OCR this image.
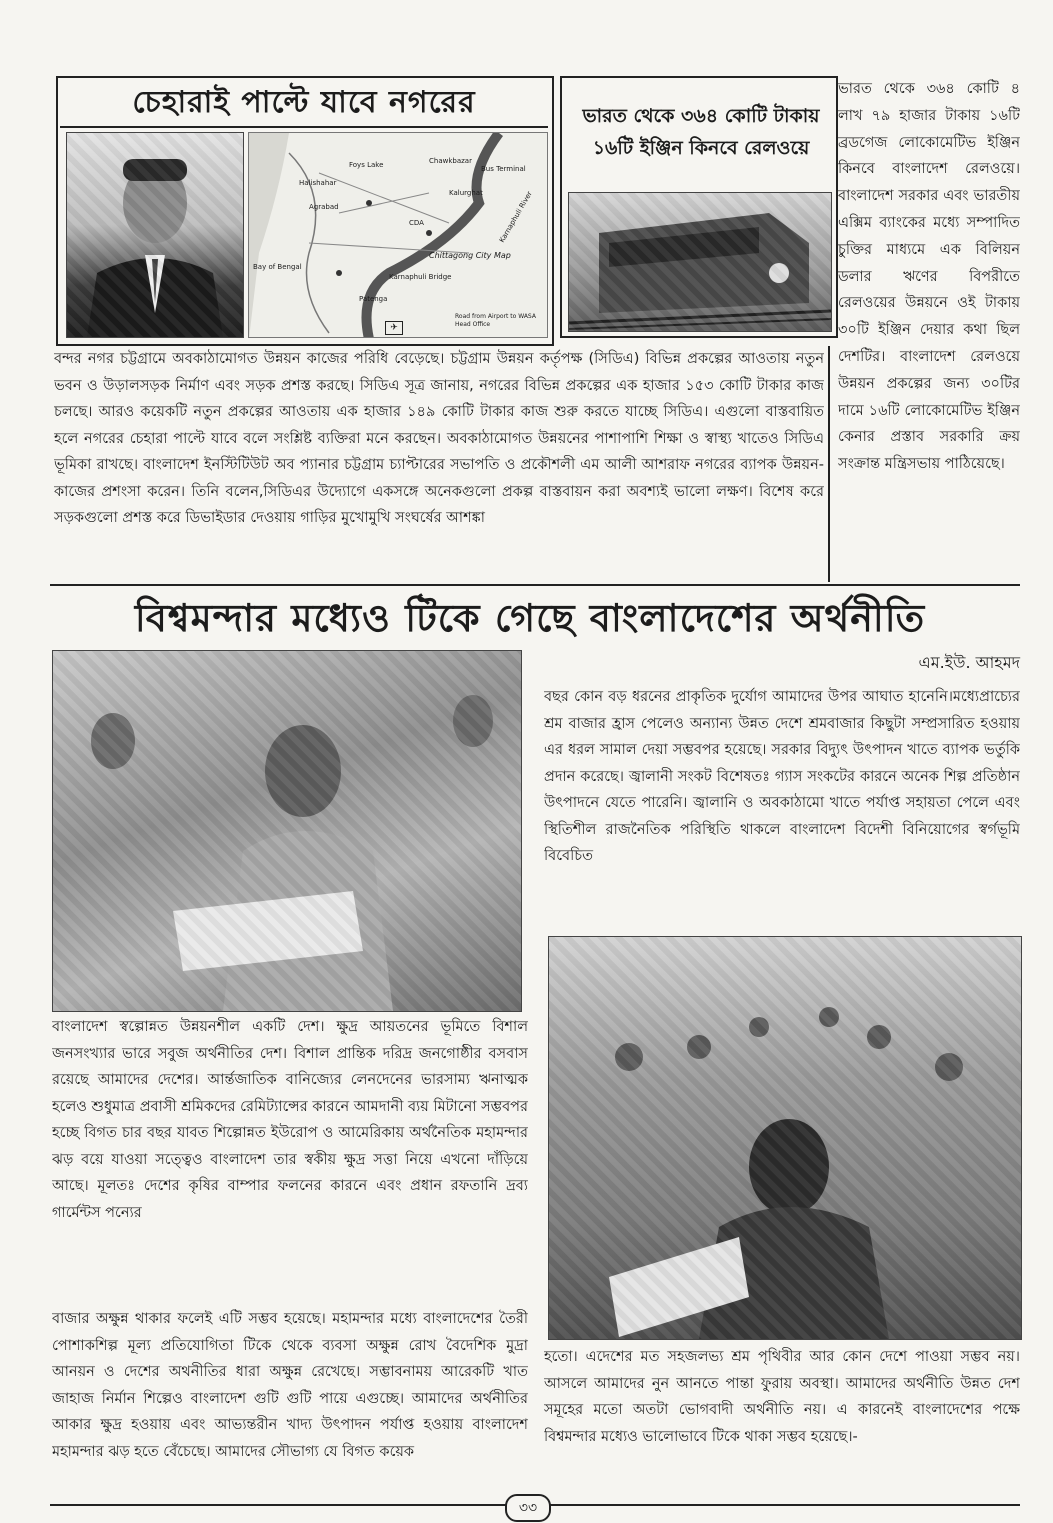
চেহারাই পাল্টে যাবে নগরের
Foys Lake
Halishahar
Agrabad
Chawkbazar
Bus Terminal
CDA
Kalurghat Karnaphuli River
Chittagong City Map
Bay of Bengal
Patenga
Karnaphuli Bridge
Road from Airport to WASA Head Office
✈
বন্দর নগর চট্টগ্রামে অবকাঠামোগত উন্নয়ন কাজের পরিধি বেড়েছে। চট্টগ্রাম উন্নয়ন কর্তৃপক্ষ (সিডিএ) বিভিন্ন প্রকল্পের আওতায় নতুন ভবন ও উড়ালসড়ক নির্মাণ এবং সড়ক প্রশস্ত করছে। সিডিএ সূত্র জানায়, নগরের বিভিন্ন প্রকল্পের এক হাজার ১৫৩ কোটি টাকার কাজ চলছে। আরও কয়েকটি নতুন প্রকল্পের আওতায় এক হাজার ১৪৯ কোটি টাকার কাজ শুরু করতে যাচ্ছে সিডিএ। এগুলো বাস্তবায়িত হলে নগরের চেহারা পাল্টে যাবে বলে সংশ্লিষ্ট ব্যক্তিরা মনে করছেন। অবকাঠামোগত উন্নয়নের পাশাপাশি শিক্ষা ও স্বাস্থ্য খাতেও সিডিএ ভূমিকা রাখছে। বাংলাদেশ ইনস্টিটিউট অব প্যানার চট্টগ্রাম চ্যাপ্টারের সভাপতি ও প্রকৌশলী এম আলী আশরাফ নগরের ব্যাপক উন্নয়ন-কাজের প্রশংসা করেন। তিনি বলেন,সিডিএর উদ্যোগে একসঙ্গে অনেকগুলো প্রকল্প বাস্তবায়ন করা অবশ্যই ভালো লক্ষণ। বিশেষ করে সড়কগুলো প্রশস্ত করে ডিভাইডার দেওয়ায় গাড়ির মুখোমুখি সংঘর্ষের আশঙ্কা
ভারত থেকে ৩৬৪ কোটি টাকায় ১৬টি ইঞ্জিন কিনবে রেলওয়ে
ভারত থেকে ৩৬৪ কোটি ৪ লাখ ৭৯ হাজার টাকায় ১৬টি ব্রডগেজ লোকোমেটিভ ইঞ্জিন কিনবে বাংলাদেশ রেলওয়ে। বাংলাদেশ সরকার এবং ভারতীয় এক্সিম ব্যাংকের মধ্যে সম্পাদিত চুক্তির মাধ্যমে এক বিলিয়ন ডলার ঋণের বিপরীতে রেলওয়ের উন্নয়নে ওই টাকায় ৩০টি ইঞ্জিন দেয়ার কথা ছিল দেশটির। বাংলাদেশ রেলওয়ে উন্নয়ন প্রকল্পের জন্য ৩০টির দামে ১৬টি লোকোমেটিভ ইঞ্জিন কেনার প্রস্তাব সরকারি ক্রয় সংক্রান্ত মন্ত্রিসভায় পাঠিয়েছে।
বিশ্বমন্দার মধ্যেও টিকে গেছে বাংলাদেশের অর্থনীতি
এম.ইউ. আহমদ
বাংলাদেশ স্বল্পোন্নত উন্নয়নশীল একটি দেশ। ক্ষুদ্র আয়তনের ভূমিতে বিশাল জনসংখ্যার ভারে সবুজ অর্থনীতির দেশ। বিশাল প্রান্তিক দরিদ্র জনগোষ্ঠীর বসবাস রয়েছে আমাদের দেশের। আর্ন্তজাতিক বানিজ্যের লেনদেনের ভারসাম্য ঋনাত্মক হলেও শুধুমাত্র প্রবাসী শ্রমিকদের রেমিট্যান্সের কারনে আমদানী ব্যয় মিটানো সম্ভবপর হচ্ছে বিগত চার বছর যাবত শিল্পোন্নত ইউরোপ ও আমেরিকায় অর্থনৈতিক মহামন্দার ঝড় বয়ে যাওয়া সত্ত্বেও বাংলাদেশ তার স্বকীয় ক্ষুদ্র সত্তা নিয়ে এখনো দাঁড়িয়ে আছে। মূলতঃ দেশের কৃষির বাম্পার ফলনের কারনে এবং প্রধান রফতানি দ্রব্য গার্মেন্টস পন্যের
বাজার অক্ষুন্ন থাকার ফলেই এটি সম্ভব হয়েছে। মহামন্দার মধ্যে বাংলাদেশের তৈরী পোশাকশিল্প মূল্য প্রতিযোগিতা টিকে থেকে ব্যবসা অক্ষুন্ন রোখ বৈদেশিক মুদ্রা আনয়ন ও দেশের অথনীতির ধারা অক্ষুন্ন রেখেছে। সম্ভাবনাময় আরেকটি খাত জাহাজ নির্মান শিল্পেও বাংলাদেশ গুটি গুটি পায়ে এগুচ্ছে। আমাদের অর্থনীতির আকার ক্ষুদ্র হওয়ায় এবং আভ্যন্তরীন খাদ্য উৎপাদন পর্যাপ্ত হওয়ায় বাংলাদেশ মহামন্দার ঝড় হতে বেঁচেছে। আমাদের সৌভাগ্য যে বিগত কয়েক
বছর কোন বড় ধরনের প্রাকৃতিক দুর্যোগ আমাদের উপর আঘাত হানেনি।মধ্যেপ্রাচ্যের শ্রম বাজার হ্রাস পেলেও অন্যান্য উন্নত দেশে শ্রমবাজার কিছুটা সম্প্রসারিত হওয়ায় এর ধরল সামাল দেয়া সম্ভবপর হয়েছে। সরকার বিদ্যুৎ উৎপাদন খাতে ব্যাপক ভর্তুকি প্রদান করেছে। জ্বালানী সংকট বিশেষতঃ গ্যাস সংকটের কারনে অনেক শিল্প প্রতিষ্ঠান উৎপাদনে যেতে পারেনি। জ্বালানি ও অবকাঠামো খাতে পর্যাপ্ত সহায়তা পেলে এবং স্থিতিশীল রাজনৈতিক পরিস্থিতি থাকলে বাংলাদেশ বিদেশী বিনিয়োগের স্বর্গভূমি বিবেচিত
হতো। এদেশের মত সহজলভ্য শ্রম পৃথিবীর আর কোন দেশে পাওয়া সম্ভব নয়। আসলে আমাদের নুন আনতে পান্তা ফুরায় অবস্থা। আমাদের অর্থনীতি উন্নত দেশ সমূহের মতো অতটা ভোগবাদী অর্থনীতি নয়। এ কারনেই বাংলাদেশের পক্ষে বিশ্বমন্দার মধ্যেও ভালোভাবে টিকে থাকা সম্ভব হয়েছে।-
৩৩
